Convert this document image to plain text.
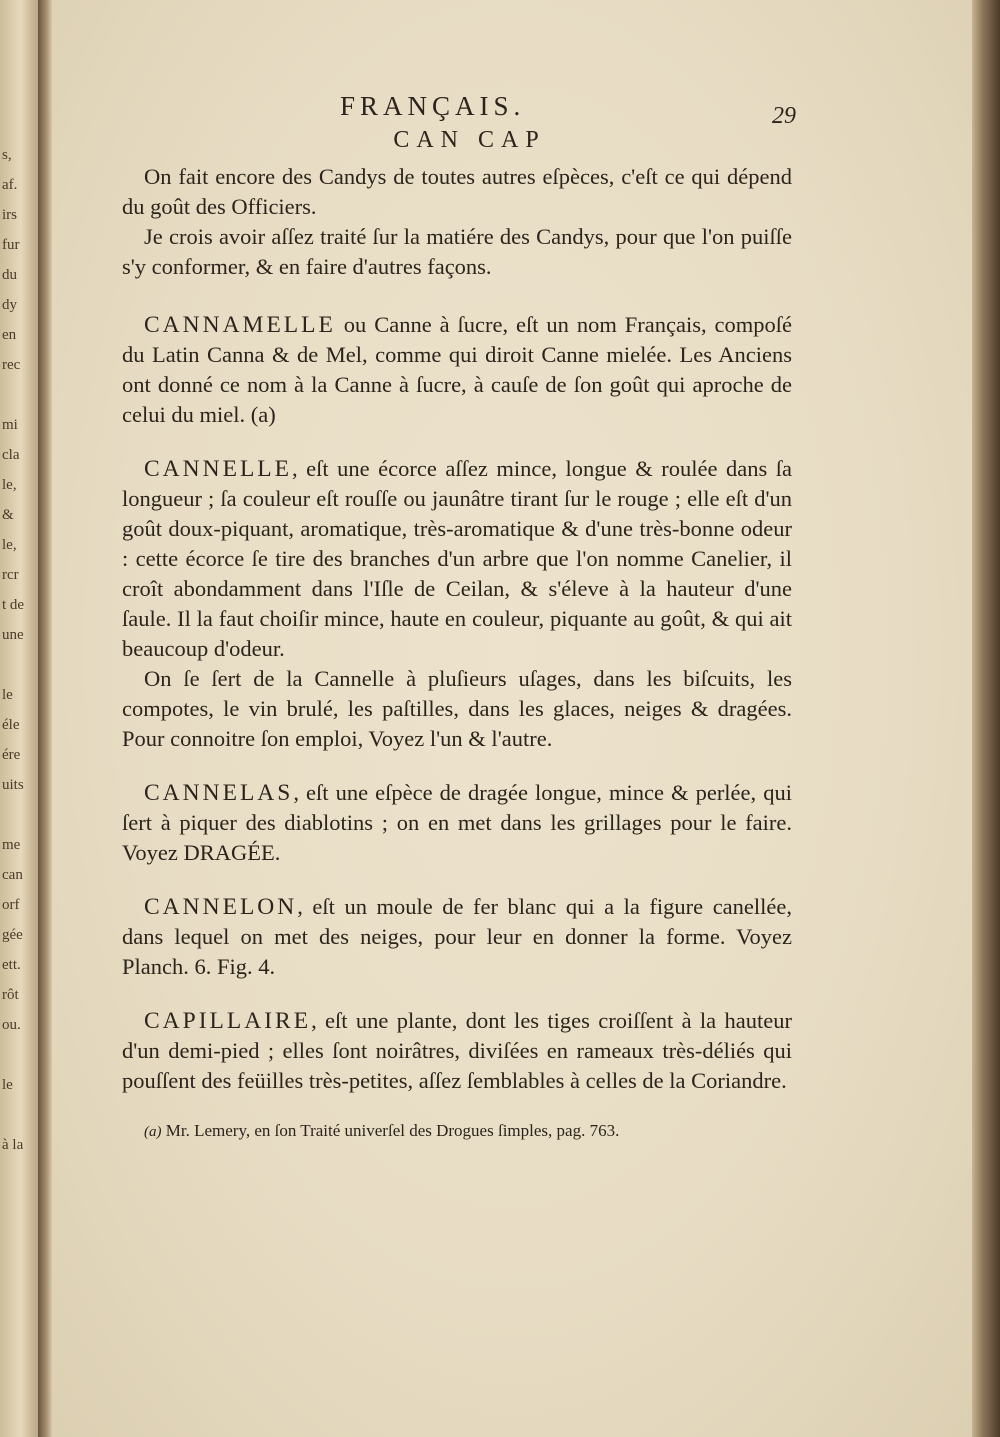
s,
af.
irs
fur
du
dy
en
rec

mi
cla
le,
&
le,
rcr
t de
une

le
éle
ére
uits

me
can
orf
gée
ett.
rôt
ou.

le

à la
FRANÇAIS.	29
CAN CAP

On fait encore des Candys de toutes autres eſpèces, c'eſt ce qui dépend du goût des Officiers.

Je crois avoir aſſez traité ſur la matiére des Candys, pour que l'on puiſſe s'y conformer, & en faire d'autres façons.

CANNAMELLE ou Canne à ſucre, eſt un nom Français, compoſé du Latin Canna & de Mel, comme qui diroit Canne mielée. Les Anciens ont donné ce nom à la Canne à ſucre, à cauſe de ſon goût qui aproche de celui du miel. (a)

CANNELLE, eſt une écorce aſſez mince, longue & roulée dans ſa longueur ; ſa couleur eſt rouſſe ou jaunâtre tirant ſur le rouge ; elle eſt d'un goût doux-piquant, aromatique, très-aromatique & d'une très-bonne odeur : cette écorce ſe tire des branches d'un arbre que l'on nomme Canelier, il croît abondamment dans l'Iſle de Ceilan, & s'éleve à la hauteur d'une ſaule. Il la faut choiſir mince, haute en couleur, piquante au goût, & qui ait beaucoup d'odeur.

On ſe ſert de la Cannelle à pluſieurs uſages, dans les biſcuits, les compotes, le vin brulé, les paſtilles, dans les glaces, neiges & dragées. Pour connoitre ſon emploi, Voyez l'un & l'autre.

CANNELAS, eſt une eſpèce de dragée longue, mince & perlée, qui ſert à piquer des diablotins ; on en met dans les grillages pour le faire. Voyez DRAGÉE.

CANNELON, eſt un moule de fer blanc qui a la figure canellée, dans lequel on met des neiges, pour leur en donner la forme. Voyez Planch. 6. Fig. 4.

CAPILLAIRE, eſt une plante, dont les tiges croiſſent à la hauteur d'un demi-pied ; elles ſont noirâtres, diviſées en rameaux très-déliés qui pouſſent des feüilles très-petites, aſſez ſemblables à celles de la Coriandre.

(a) Mr. Lemery, en ſon Traité univerſel des Drogues ſimples, pag. 763.
